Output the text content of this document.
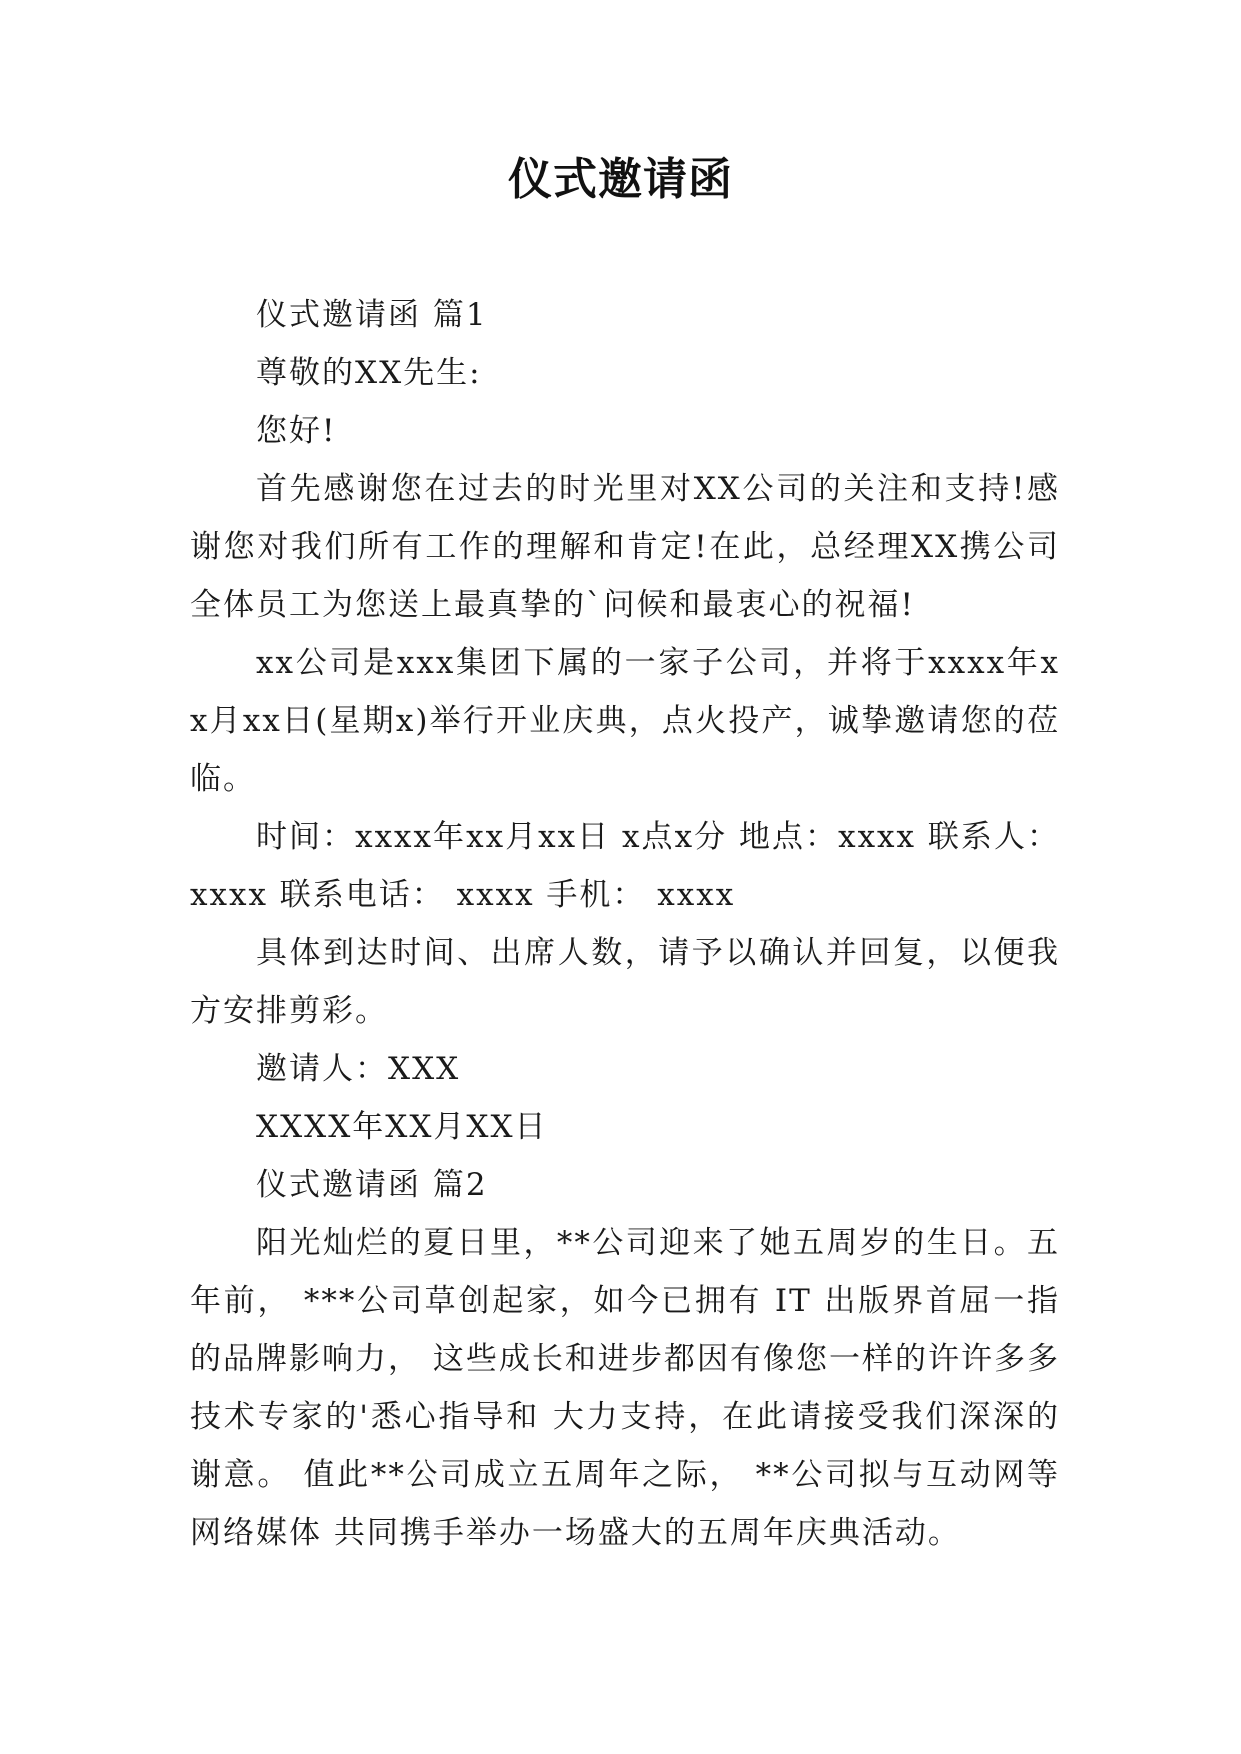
仪式邀请函

仪式邀请函 篇1

尊敬的XX先生:

您好!

首先感谢您在过去的时光里对XX公司的关注和支持!感谢您对我们所有工作的理解和肯定!在此，总经理XX携公司全体员工为您送上最真挚的`问候和最衷心的祝福!

xx公司是xxx集团下属的一家子公司，并将于xxxx年xx月xx日(星期x)举行开业庆典，点火投产，诚挚邀请您的莅临。

时间：xxxx年xx月xx日 x点x分 地点：xxxx 联系人：xxxx 联系电话： xxxx 手机： xxxx

具体到达时间、出席人数，请予以确认并回复，以便我方安排剪彩。

邀请人：XXX

XXXX年XX月XX日

仪式邀请函 篇2

阳光灿烂的夏日里，**公司迎来了她五周岁的生日。五年前， ***公司草创起家，如今已拥有 IT 出版界首屈一指的品牌影响力， 这些成长和进步都因有像您一样的许许多多技术专家的'悉心指导和 大力支持，在此请接受我们深深的谢意。 值此**公司成立五周年之际， **公司拟与互动网等网络媒体 共同携手举办一场盛大的五周年庆典活动。
